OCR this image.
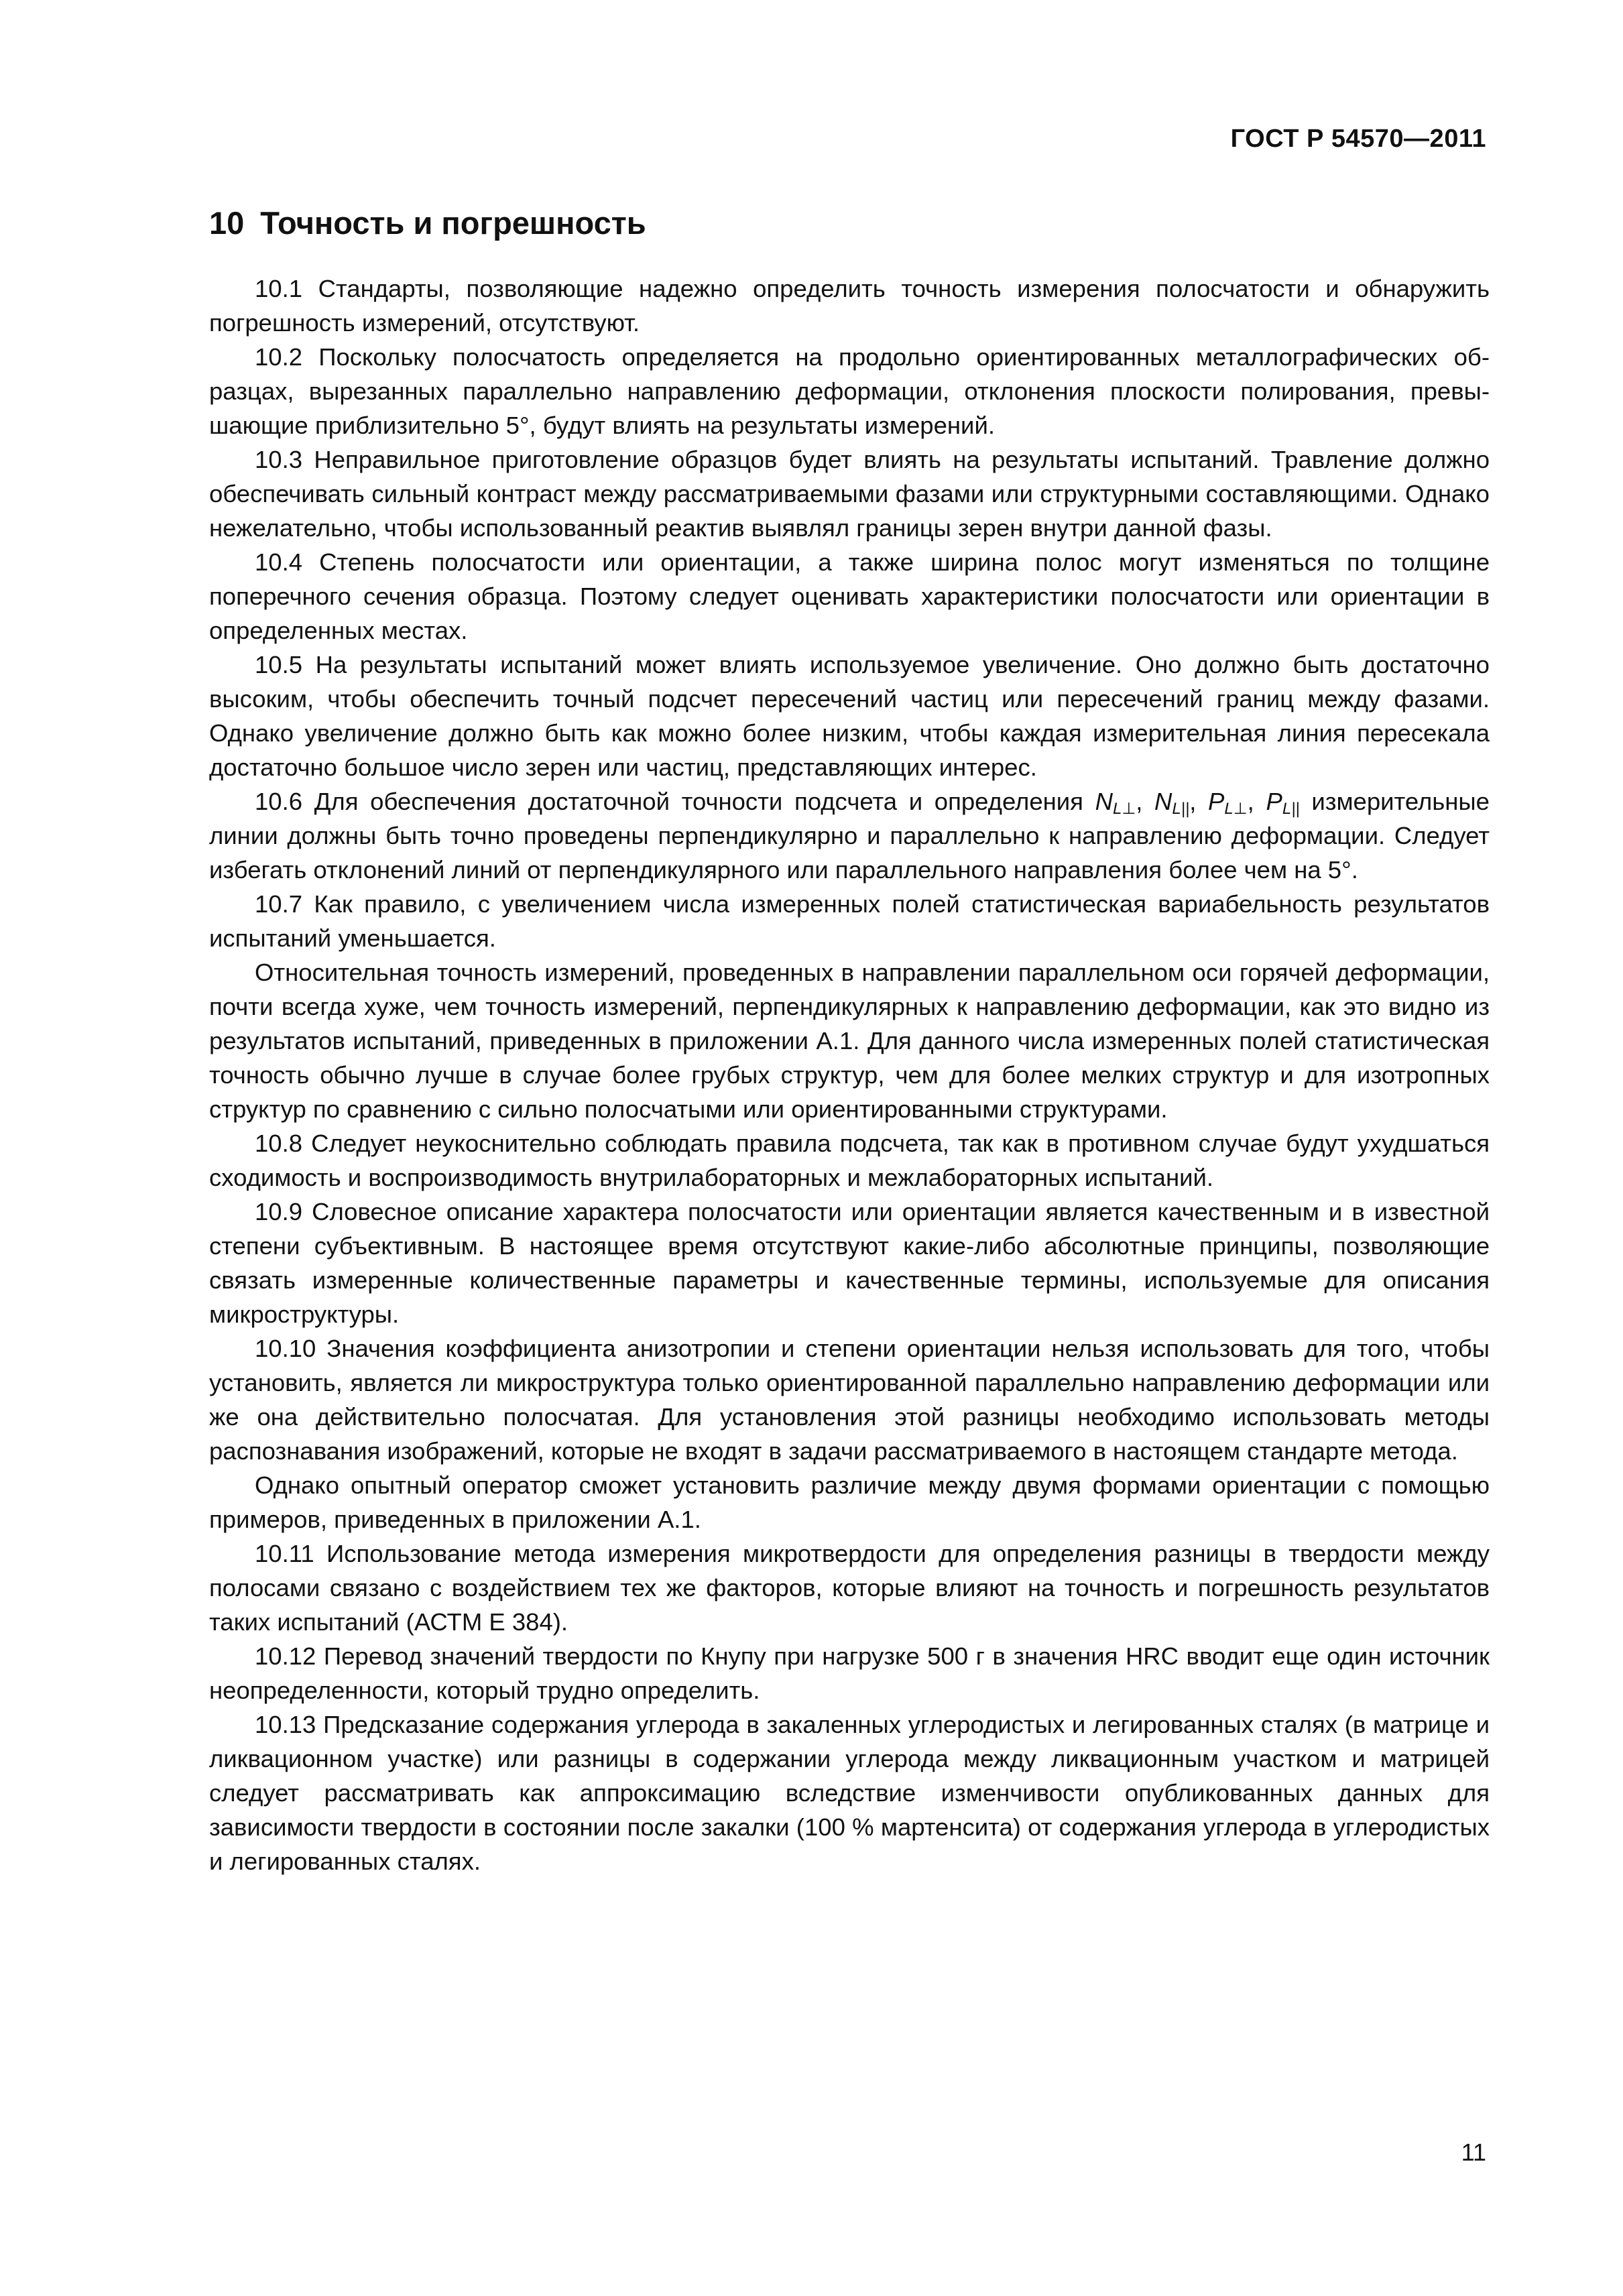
ГОСТ Р 54570—2011
10 Точность и погрешность

10.1 Стандарты, позволяющие надежно определить точность измерения полосчатости и обнаружить погрешность измерений, отсутствуют.

10.2 Поскольку полосчатость определяется на продольно ориентированных металлографических образцах, вырезанных параллельно направлению деформации, отклонения плоскости полирования, превышающие приблизительно 5°, будут влиять на результаты измерений.

10.3 Неправильное приготовление образцов будет влиять на результаты испытаний. Травление должно обеспечивать сильный контраст между рассматриваемыми фазами или структурными составляющими. Однако нежелательно, чтобы использованный реактив выявлял границы зерен внутри данной фазы.

10.4 Степень полосчатости или ориентации, а также ширина полос могут изменяться по толщине поперечного сечения образца. Поэтому следует оценивать характеристики полосчатости или ориентации в определенных местах.

10.5 На результаты испытаний может влиять используемое увеличение. Оно должно быть достаточно высоким, чтобы обеспечить точный подсчет пересечений частиц или пересечений границ между фазами. Однако увеличение должно быть как можно более низким, чтобы каждая измерительная линия пересекала достаточно большое число зерен или частиц, представляющих интерес.

10.6 Для обеспечения достаточной точности подсчета и определения $N_{L\perp}$, $N_{L||}$, $P_{L\perp}$, $P_{L||}$ измерительные линии должны быть точно проведены перпендикулярно и параллельно к направлению деформации. Следует избегать отклонений линий от перпендикулярного или параллельного направления более чем на 5°.

10.7 Как правило, с увеличением числа измеренных полей статистическая вариабельность результатов испытаний уменьшается.

Относительная точность измерений, проведенных в направлении параллельном оси горячей деформации, почти всегда хуже, чем точность измерений, перпендикулярных к направлению деформации, как это видно из результатов испытаний, приведенных в приложении А.1. Для данного числа измеренных полей статистическая точность обычно лучше в случае более грубых структур, чем для более мелких структур и для изотропных структур по сравнению с сильно полосчатыми или ориентированными структурами.

10.8 Следует неукоснительно соблюдать правила подсчета, так как в противном случае будут ухудшаться сходимость и воспроизводимость внутрилабораторных и межлабораторных испытаний.

10.9 Словесное описание характера полосчатости или ориентации является качественным и в известной степени субъективным. В настоящее время отсутствуют какие-либо абсолютные принципы, позволяющие связать измеренные количественные параметры и качественные термины, используемые для описания микроструктуры.

10.10 Значения коэффициента анизотропии и степени ориентации нельзя использовать для того, чтобы установить, является ли микроструктура только ориентированной параллельно направлению деформации или же она действительно полосчатая. Для установления этой разницы необходимо использовать методы распознавания изображений, которые не входят в задачи рассматриваемого в настоящем стандарте метода.

Однако опытный оператор сможет установить различие между двумя формами ориентации с помощью примеров, приведенных в приложении А.1.

10.11 Использование метода измерения микротвердости для определения разницы в твердости между полосами связано с воздействием тех же факторов, которые влияют на точность и погрешность результатов таких испытаний (АСТМ Е 384).

10.12 Перевод значений твердости по Кнупу при нагрузке 500 г в значения HRC вводит еще один источник неопределенности, который трудно определить.

10.13 Предсказание содержания углерода в закаленных углеродистых и легированных сталях (в матрице и ликвационном участке) или разницы в содержании углерода между ликвационным участком и матрицей следует рассматривать как аппроксимацию вследствие изменчивости опубликованных данных для зависимости твердости в состоянии после закалки (100 % мартенсита) от содержания углерода в углеродистых и легированных сталях.

11
